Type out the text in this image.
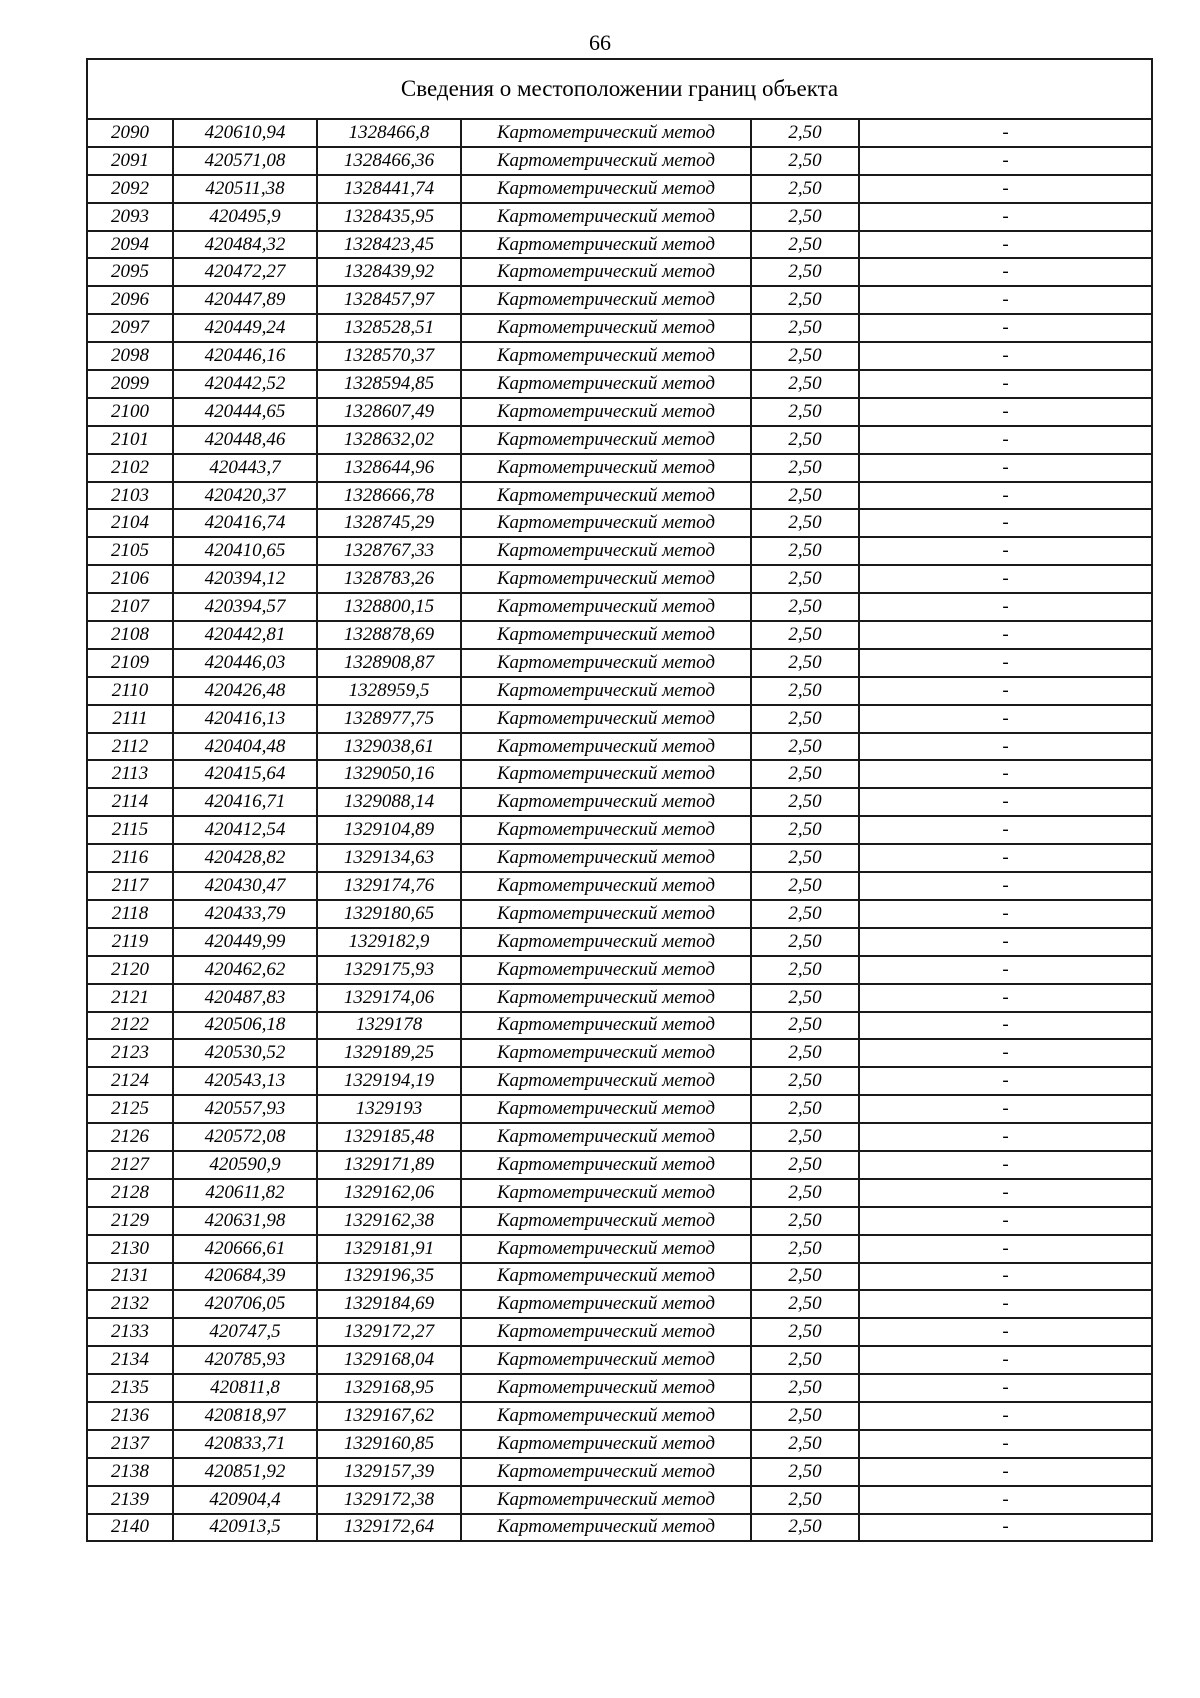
66
Сведения о местоположении границ объекта					
2090	420610,94	1328466,8	Картометрический метод	2,50	-
2091	420571,08	1328466,36	Картометрический метод	2,50	-
2092	420511,38	1328441,74	Картометрический метод	2,50	-
2093	420495,9	1328435,95	Картометрический метод	2,50	-
2094	420484,32	1328423,45	Картометрический метод	2,50	-
2095	420472,27	1328439,92	Картометрический метод	2,50	-
2096	420447,89	1328457,97	Картометрический метод	2,50	-
2097	420449,24	1328528,51	Картометрический метод	2,50	-
2098	420446,16	1328570,37	Картометрический метод	2,50	-
2099	420442,52	1328594,85	Картометрический метод	2,50	-
2100	420444,65	1328607,49	Картометрический метод	2,50	-
2101	420448,46	1328632,02	Картометрический метод	2,50	-
2102	420443,7	1328644,96	Картометрический метод	2,50	-
2103	420420,37	1328666,78	Картометрический метод	2,50	-
2104	420416,74	1328745,29	Картометрический метод	2,50	-
2105	420410,65	1328767,33	Картометрический метод	2,50	-
2106	420394,12	1328783,26	Картометрический метод	2,50	-
2107	420394,57	1328800,15	Картометрический метод	2,50	-
2108	420442,81	1328878,69	Картометрический метод	2,50	-
2109	420446,03	1328908,87	Картометрический метод	2,50	-
2110	420426,48	1328959,5	Картометрический метод	2,50	-
2111	420416,13	1328977,75	Картометрический метод	2,50	-
2112	420404,48	1329038,61	Картометрический метод	2,50	-
2113	420415,64	1329050,16	Картометрический метод	2,50	-
2114	420416,71	1329088,14	Картометрический метод	2,50	-
2115	420412,54	1329104,89	Картометрический метод	2,50	-
2116	420428,82	1329134,63	Картометрический метод	2,50	-
2117	420430,47	1329174,76	Картометрический метод	2,50	-
2118	420433,79	1329180,65	Картометрический метод	2,50	-
2119	420449,99	1329182,9	Картометрический метод	2,50	-
2120	420462,62	1329175,93	Картометрический метод	2,50	-
2121	420487,83	1329174,06	Картометрический метод	2,50	-
2122	420506,18	1329178	Картометрический метод	2,50	-
2123	420530,52	1329189,25	Картометрический метод	2,50	-
2124	420543,13	1329194,19	Картометрический метод	2,50	-
2125	420557,93	1329193	Картометрический метод	2,50	-
2126	420572,08	1329185,48	Картометрический метод	2,50	-
2127	420590,9	1329171,89	Картометрический метод	2,50	-
2128	420611,82	1329162,06	Картометрический метод	2,50	-
2129	420631,98	1329162,38	Картометрический метод	2,50	-
2130	420666,61	1329181,91	Картометрический метод	2,50	-
2131	420684,39	1329196,35	Картометрический метод	2,50	-
2132	420706,05	1329184,69	Картометрический метод	2,50	-
2133	420747,5	1329172,27	Картометрический метод	2,50	-
2134	420785,93	1329168,04	Картометрический метод	2,50	-
2135	420811,8	1329168,95	Картометрический метод	2,50	-
2136	420818,97	1329167,62	Картометрический метод	2,50	-
2137	420833,71	1329160,85	Картометрический метод	2,50	-
2138	420851,92	1329157,39	Картометрический метод	2,50	-
2139	420904,4	1329172,38	Картометрический метод	2,50	-
2140	420913,5	1329172,64	Картометрический метод	2,50	-
